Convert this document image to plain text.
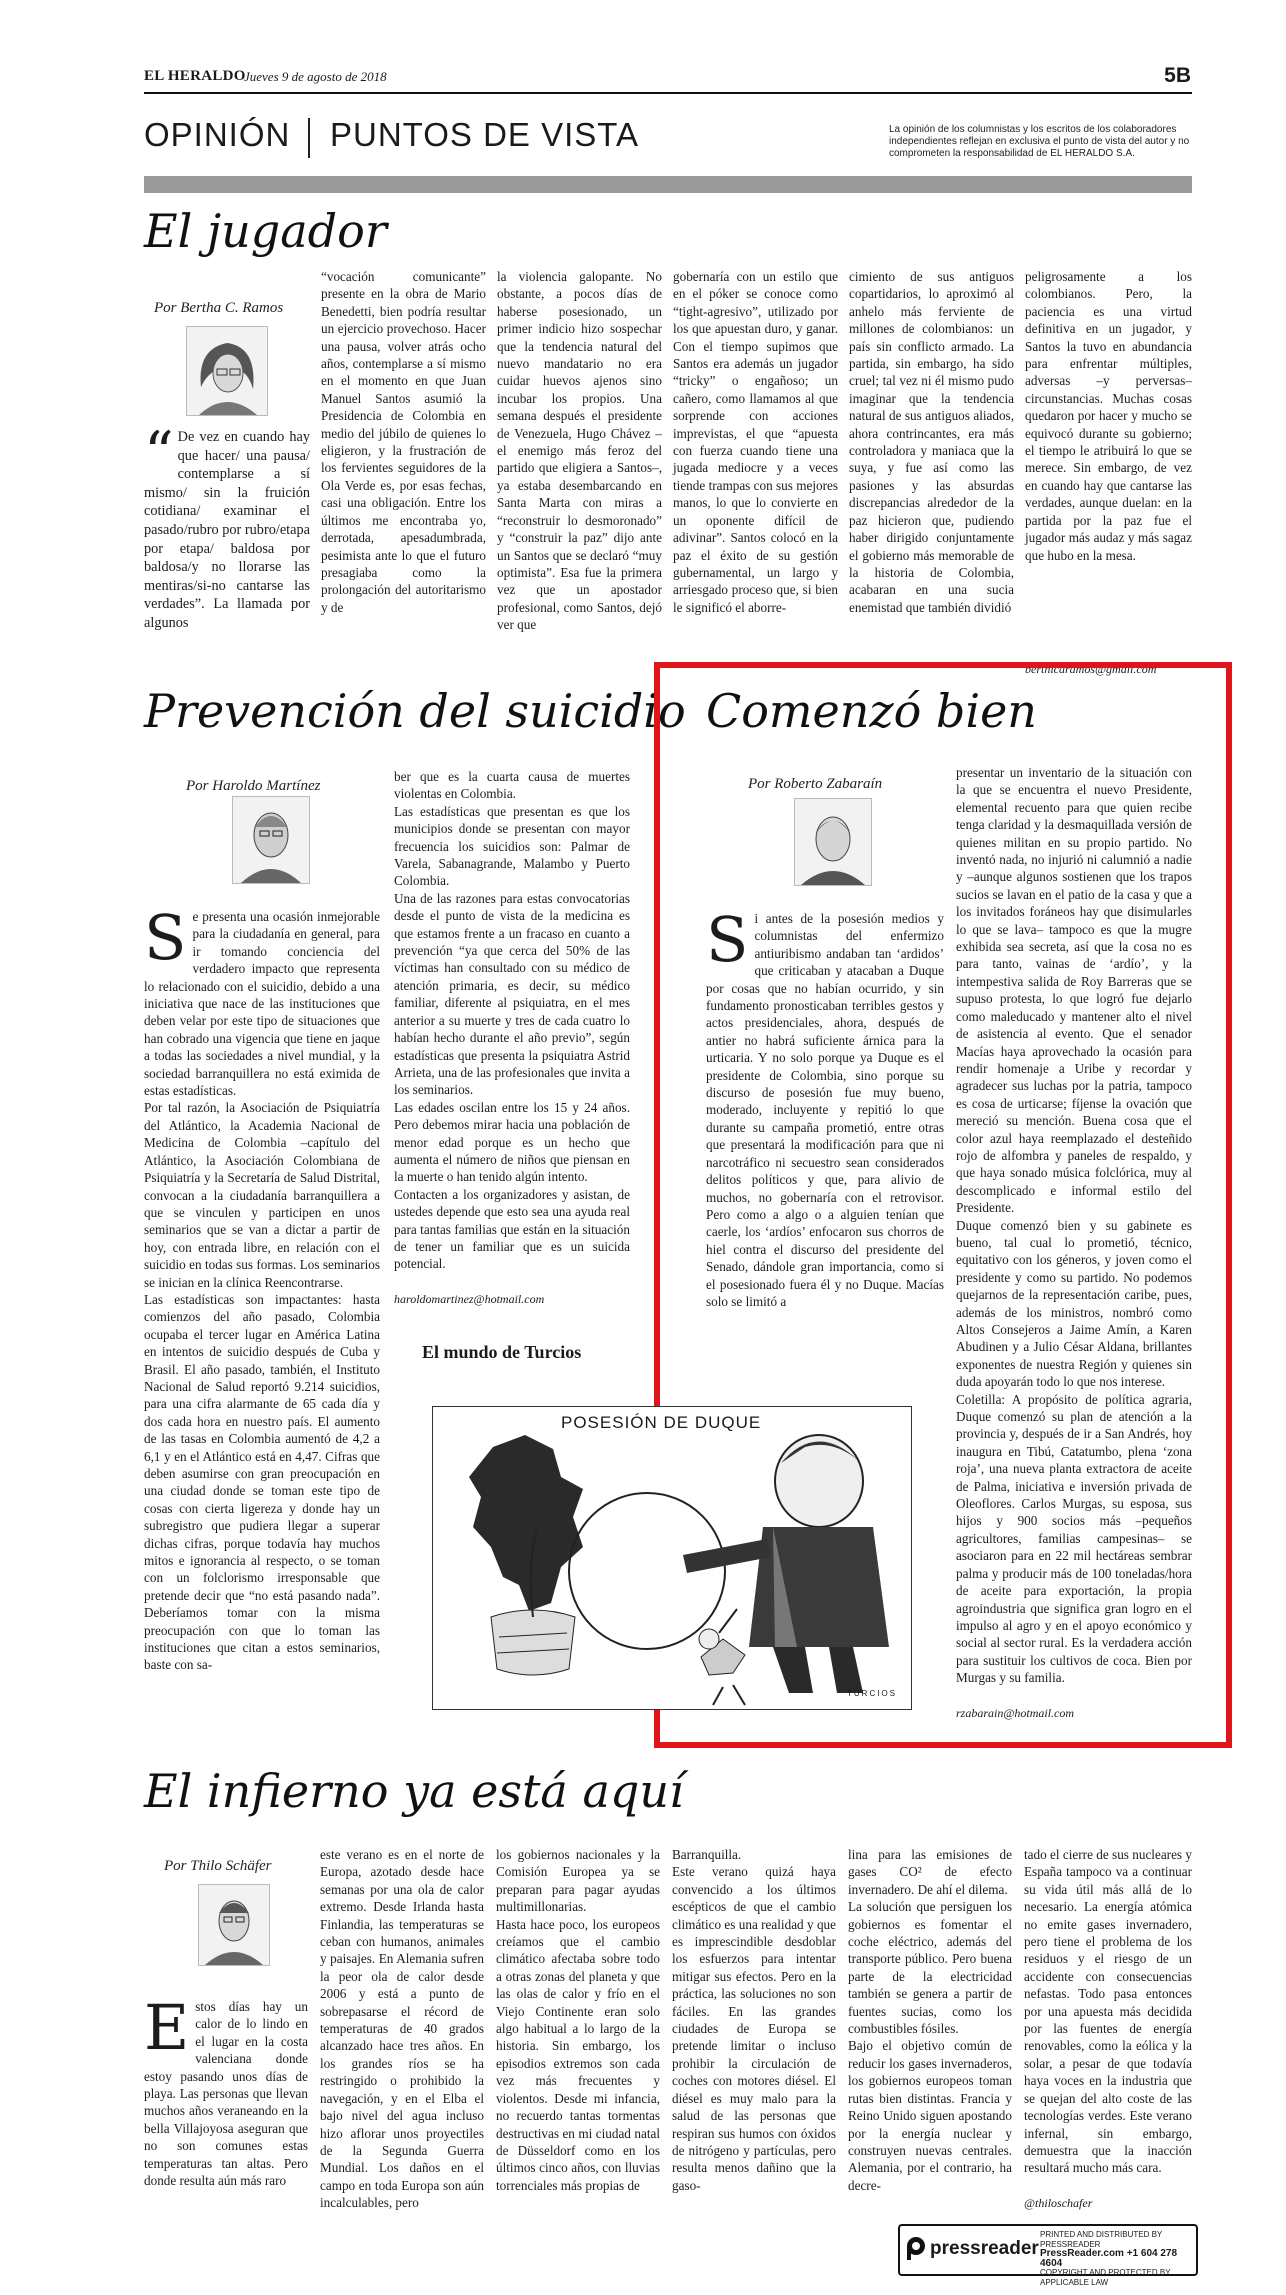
EL HERALDO
Jueves 9 de agosto de 2018	5B
OPINIÓN PUNTOS DE VISTA	La opinión de los columnistas y los escritos de los colaboradores independientes reflejan en exclusiva el punto de vista del autor y no comprometen la responsabilidad de EL HERALDO S.A.
El jugador
Por Bertha C. Ramos
“ De vez en cuando hay que hacer/ una pausa/ contemplarse a sí mismo/ sin la fruición cotidiana/ examinar el pasado/rubro por rubro/etapa por etapa/ baldosa por baldosa/y no llorarse las mentiras/si-no cantarse las verdades”. La llamada por algunos
“vocación comunicante” presente en la obra de Mario Benedetti, bien podría resultar un ejercicio provechoso. Hacer una pausa, volver atrás ocho años, contemplarse a sí mismo en el momento en que Juan Manuel Santos asumió la Presidencia de Colombia en medio del júbilo de quienes lo eligieron, y la frustración de los fervientes seguidores de la Ola Verde es, por esas fechas, casi una obligación. Entre los últimos me encontraba yo, derrotada, apesadumbrada, pesimista ante lo que el futuro presagiaba como la prolongación del autoritarismo y de
la violencia galopante. No obstante, a pocos días de haberse posesionado, un primer indicio hizo sospechar que la tendencia natural del nuevo mandatario no era cuidar huevos ajenos sino incubar los propios. Una semana después el presidente de Venezuela, Hugo Chávez –el enemigo más feroz del partido que eligiera a Santos–, ya estaba desembarcando en Santa Marta con miras a “reconstruir lo desmoronado” y “construir la paz” dijo ante un Santos que se declaró “muy optimista”. Esa fue la primera vez que un apostador profesional, como Santos, dejó ver que
gobernaría con un estilo que en el póker se conoce como “tight-agresivo”, utilizado por los que apuestan duro, y ganar. Con el tiempo supimos que Santos era además un jugador “tricky” o engañoso; un cañero, como llamamos al que sorprende con acciones imprevistas, el que “apuesta con fuerza cuando tiene una jugada mediocre y a veces tiende trampas con sus mejores manos, lo que lo convierte en un oponente difícil de adivinar”. Santos colocó en la paz el éxito de su gestión gubernamental, un largo y arriesgado proceso que, si bien le significó el aborre-
cimiento de sus antiguos copartidarios, lo aproximó al anhelo más ferviente de millones de colombianos: un país sin conflicto armado. La partida, sin embargo, ha sido cruel; tal vez ni él mismo pudo imaginar que la tendencia natural de sus antiguos aliados, ahora contrincantes, era más controladora y maniaca que la suya, y fue así como las pasiones y las absurdas discrepancias alrededor de la paz hicieron que, pudiendo haber dirigido conjuntamente el gobierno más memorable de la historia de Colombia, acabaran en una sucia enemistad que también dividió
peligrosamente a los colombianos. Pero, la paciencia es una virtud definitiva en un jugador, y Santos la tuvo en abundancia para enfrentar múltiples, adversas –y perversas– circunstancias. Muchas cosas quedaron por hacer y mucho se equivocó durante su gobierno; el tiempo le atribuirá lo que se merece. Sin embargo, de vez en cuando hay que cantarse las verdades, aunque duelan: en la partida por la paz fue el jugador más audaz y más sagaz que hubo en la mesa.
berthicaramos@gmail.com
Prevención del suicidio
Por Haroldo Martínez
Se presenta una ocasión inmejorable para la ciudadanía en general, para ir tomando conciencia del verdadero impacto que representa lo relacionado con el suicidio, debido a una iniciativa que nace de las instituciones que deben velar por este tipo de situaciones que han cobrado una vigencia que tiene en jaque a todas las sociedades a nivel mundial, y la sociedad barranquillera no está eximida de estas estadísticas.
Por tal razón, la Asociación de Psiquiatría del Atlántico, la Academia Nacional de Medicina de Colombia –capítulo del Atlántico, la Asociación Colombiana de Psiquiatría y la Secretaría de Salud Distrital, convocan a la ciudadanía barranquillera a que se vinculen y participen en unos seminarios que se van a dictar a partir de hoy, con entrada libre, en relación con el suicidio en todas sus formas. Los seminarios se inician en la clínica Reencontrarse.
Las estadísticas son impactantes: hasta comienzos del año pasado, Colombia ocupaba el tercer lugar en América Latina en intentos de suicidio después de Cuba y Brasil. El año pasado, también, el Instituto Nacional de Salud reportó 9.214 suicidios, para una cifra alarmante de 65 cada día y dos cada hora en nuestro país. El aumento de las tasas en Colombia aumentó de 4,2 a 6,1 y en el Atlántico está en 4,47. Cifras que deben asumirse con gran preocupación en una ciudad donde se toman este tipo de cosas con cierta ligereza y donde hay un subregistro que pudiera llegar a superar dichas cifras, porque todavía hay muchos mitos e ignorancia al respecto, o se toman con un folclorismo irresponsable que pretende decir que “no está pasando nada”. Deberíamos tomar con la misma preocupación con que lo toman las instituciones que citan a estos seminarios, baste con sa-
ber que es la cuarta causa de muertes violentas en Colombia.
Las estadísticas que presentan es que los municipios donde se presentan con mayor frecuencia los suicidios son: Palmar de Varela, Sabanagrande, Malambo y Puerto Colombia.
Una de las razones para estas convocatorias desde el punto de vista de la medicina es que estamos frente a un fracaso en cuanto a prevención “ya que cerca del 50% de las víctimas han consultado con su médico de atención primaria, es decir, su médico familiar, diferente al psiquiatra, en el mes anterior a su muerte y tres de cada cuatro lo habían hecho durante el año previo”, según estadísticas que presenta la psiquiatra Astrid Arrieta, una de las profesionales que invita a los seminarios.
Las edades oscilan entre los 15 y 24 años. Pero debemos mirar hacia una población de menor edad porque es un hecho que aumenta el número de niños que piensan en la muerte o han tenido algún intento.
Contacten a los organizadores y asistan, de ustedes depende que esto sea una ayuda real para tantas familias que están en la situación de tener un familiar que es un suicida potencial.
haroldomartinez@hotmail.com
Comenzó bien
Por Roberto Zabaraín
Si antes de la posesión medios y columnistas del enfermizo antiuribismo andaban tan ‘ardidos’ que criticaban y atacaban a Duque por cosas que no habían ocurrido, y sin fundamento pronosticaban terribles gestos y actos presidenciales, ahora, después de antier no habrá suficiente árnica para la urticaria. Y no solo porque ya Duque es el presidente de Colombia, sino porque su discurso de posesión fue muy bueno, moderado, incluyente y repitió lo que durante su campaña prometió, entre otras que presentará la modificación para que ni narcotráfico ni secuestro sean considerados delitos políticos y que, para alivio de muchos, no gobernaría con el retrovisor. Pero como a algo o a alguien tenían que caerle, los ‘ardíos’ enfocaron sus chorros de hiel contra el discurso del presidente del Senado, dándole gran importancia, como si el posesionado fuera él y no Duque. Macías solo se limitó a
presentar un inventario de la situación con la que se encuentra el nuevo Presidente, elemental recuento para que quien recibe tenga claridad y la desmaquillada versión de quienes militan en su propio partido. No inventó nada, no injurió ni calumnió a nadie y –aunque algunos sostienen que los trapos sucios se lavan en el patio de la casa y que a los invitados foráneos hay que disimularles lo que se lava– tampoco es que la mugre exhibida sea secreta, así que la cosa no es para tanto, vainas de ‘ardío’, y la intempestiva salida de Roy Barreras que se supuso protesta, lo que logró fue dejarlo como maleducado y mantener alto el nivel de asistencia al evento. Que el senador Macías haya aprovechado la ocasión para rendir homenaje a Uribe y recordar y agradecer sus luchas por la patria, tampoco es cosa de urticarse; fíjense la ovación que mereció su mención. Buena cosa que el color azul haya reemplazado el desteñido rojo de alfombra y paneles de respaldo, y que haya sonado música folclórica, muy al descomplicado e informal estilo del Presidente.
Duque comenzó bien y su gabinete es bueno, tal cual lo prometió, técnico, equitativo con los géneros, y joven como el presidente y como su partido. No podemos quejarnos de la representación caribe, pues, además de los ministros, nombró como Altos Consejeros a Jaime Amín, a Karen Abudinen y a Julio César Aldana, brillantes exponentes de nuestra Región y quienes sin duda apoyarán todo lo que nos interese.
Coletilla: A propósito de política agraria, Duque comenzó su plan de atención a la provincia y, después de ir a San Andrés, hoy inaugura en Tibú, Catatumbo, plena ‘zona roja’, una nueva planta extractora de aceite de Palma, iniciativa e inversión privada de Oleoflores. Carlos Murgas, su esposa, sus hijos y 900 socios más –pequeños agricultores, familias campesinas– se asociaron para en 22 mil hectáreas sembrar palma y producir más de 100 toneladas/hora de aceite para exportación, la propia agroindustria que significa gran logro en el impulso al agro y en el apoyo económico y social al sector rural. Es la verdadera acción para sustituir los cultivos de coca. Bien por Murgas y su familia.
rzabarain@hotmail.com
El mundo de Turcios
POSESIÓN DE DUQUE
TURCIOS
El infierno ya está aquí
Por Thilo Schäfer
Estos días hay un calor de lo lindo en el lugar en la costa valenciana donde estoy pasando unos días de playa. Las personas que llevan muchos años veraneando en la bella Villajoyosa aseguran que no son comunes estas temperaturas tan altas. Pero donde resulta aún más raro
este verano es en el norte de Europa, azotado desde hace semanas por una ola de calor extremo. Desde Irlanda hasta Finlandia, las temperaturas se ceban con humanos, animales y paisajes. En Alemania sufren la peor ola de calor desde 2006 y está a punto de sobrepasarse el récord de temperaturas de 40 grados alcanzado hace tres años. En los grandes ríos se ha restringido o prohibido la navegación, y en el Elba el bajo nivel del agua incluso hizo aflorar unos proyectiles de la Segunda Guerra Mundial. Los daños en el campo en toda Europa son aún incalculables, pero
los gobiernos nacionales y la Comisión Europea ya se preparan para pagar ayudas multimillonarias.
Hasta hace poco, los europeos creíamos que el cambio climático afectaba sobre todo a otras zonas del planeta y que las olas de calor y frío en el Viejo Continente eran solo algo habitual a lo largo de la historia. Sin embargo, los episodios extremos son cada vez más frecuentes y violentos. Desde mi infancia, no recuerdo tantas tormentas destructivas en mi ciudad natal de Düsseldorf como en los últimos cinco años, con lluvias torrenciales más propias de
Barranquilla.
Este verano quizá haya convencido a los últimos escépticos de que el cambio climático es una realidad y que es imprescindible desdoblar los esfuerzos para intentar mitigar sus efectos. Pero en la práctica, las soluciones no son fáciles. En las grandes ciudades de Europa se pretende limitar o incluso prohibir la circulación de coches con motores diésel. El diésel es muy malo para la salud de las personas que respiran sus humos con óxidos de nitrógeno y partículas, pero resulta menos dañino que la gaso-
lina para las emisiones de gases CO² de efecto invernadero. De ahí el dilema.
La solución que persiguen los gobiernos es fomentar el coche eléctrico, además del transporte público. Pero buena parte de la electricidad también se genera a partir de fuentes sucias, como los combustibles fósiles.
Bajo el objetivo común de reducir los gases invernaderos, los gobiernos europeos toman rutas bien distintas. Francia y Reino Unido siguen apostando por la energía nuclear y construyen nuevas centrales. Alemania, por el contrario, ha decre-
tado el cierre de sus nucleares y España tampoco va a continuar su vida útil más allá de lo necesario. La energía atómica no emite gases invernadero, pero tiene el problema de los residuos y el riesgo de un accidente con consecuencias nefastas. Todo pasa entonces por una apuesta más decidida por las fuentes de energía renovables, como la eólica y la solar, a pesar de que todavía haya voces en la industria que se quejan del alto coste de las tecnologías verdes. Este verano infernal, sin embargo, demuestra que la inacción resultará mucho más cara.
@thiloschafer
pressreader
PRINTED AND DISTRIBUTED BY PRESSREADER
PressReader.com +1 604 278 4604
COPYRIGHT AND PROTECTED BY APPLICABLE LAW
